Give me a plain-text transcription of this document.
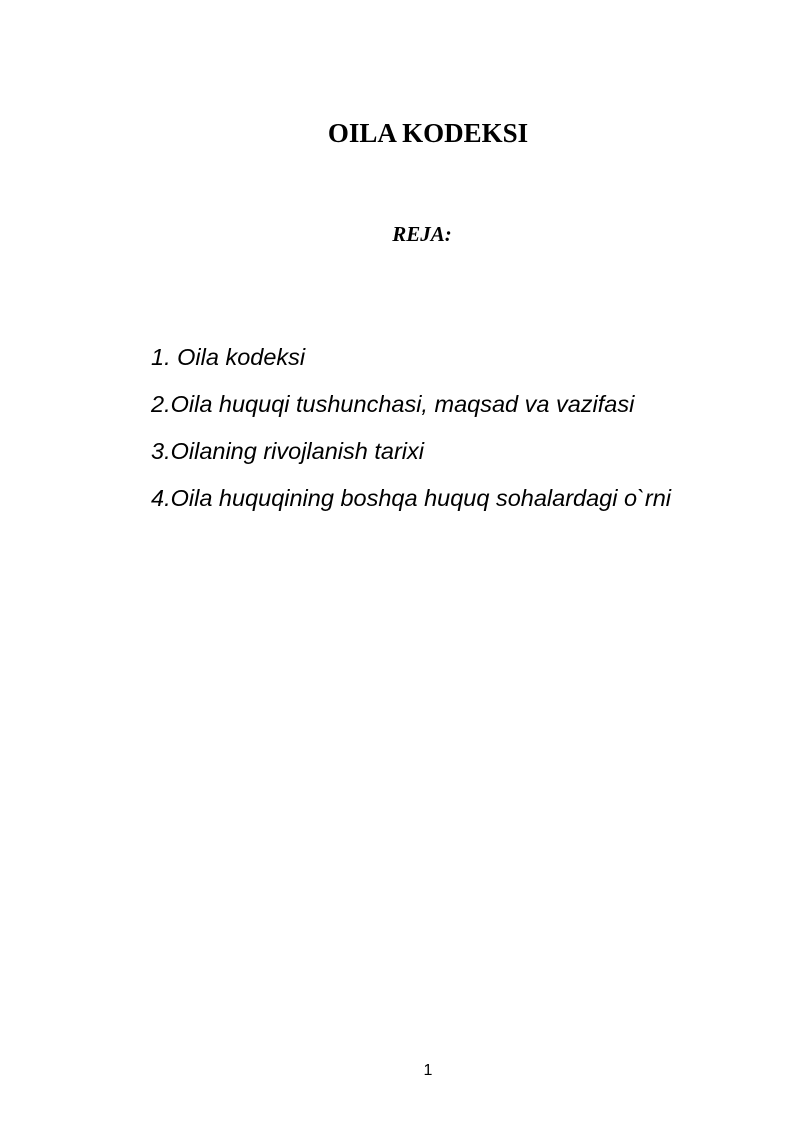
OILA KODEKSI
REJA:
1. Oila kodeksi
2.Oila huquqi tushunchasi, maqsad va vazifasi
3.Oilaning rivojlanish tarixi
4.Oila huquqining boshqa huquq sohalardagi o`rni
1
